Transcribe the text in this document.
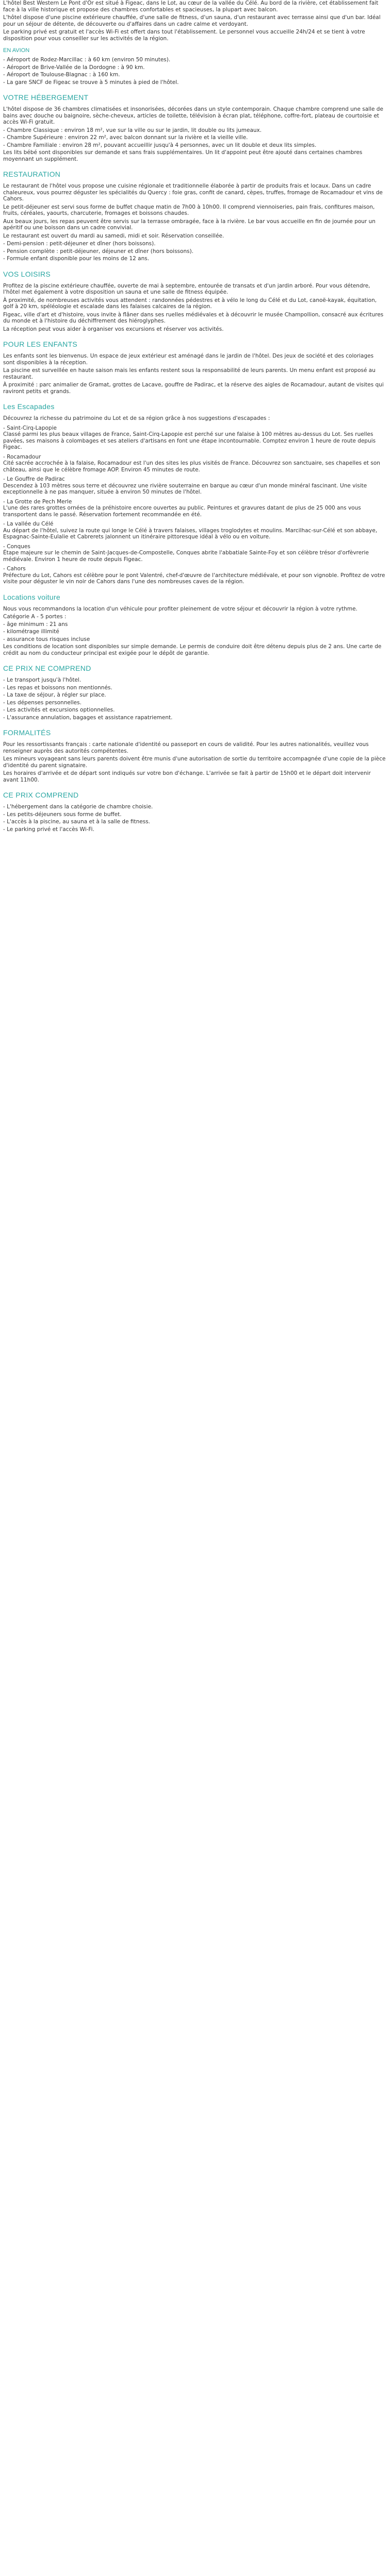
L'hôtel Best Western Le Pont d'Or est situé à Figeac, dans le Lot, au cœur de la vallée du Célé. Au bord de la rivière, cet établissement fait face à la ville historique et propose des chambres confortables et spacieuses, la plupart avec balcon.

L'hôtel dispose d'une piscine extérieure chauffée, d'une salle de fitness, d'un sauna, d'un restaurant avec terrasse ainsi que d'un bar. Idéal pour un séjour de détente, de découverte ou d'affaires dans un cadre calme et verdoyant.

Le parking privé est gratuit et l'accès Wi-Fi est offert dans tout l'établissement. Le personnel vous accueille 24h/24 et se tient à votre disposition pour vous conseiller sur les activités de la région.

EN AVION
- Aéroport de Rodez-Marcillac : à 60 km (environ 50 minutes).
- Aéroport de Brive-Vallée de la Dordogne : à 90 km.
- Aéroport de Toulouse-Blagnac : à 160 km.
- La gare SNCF de Figeac se trouve à 5 minutes à pied de l'hôtel.
VOTRE HÉBERGEMENT

L'hôtel dispose de 36 chambres climatisées et insonorisées, décorées dans un style contemporain. Chaque chambre comprend une salle de bains avec douche ou baignoire, sèche-cheveux, articles de toilette, télévision à écran plat, téléphone, coffre-fort, plateau de courtoisie et accès Wi-Fi gratuit.

- Chambre Classique : environ 18 m², vue sur la ville ou sur le jardin, lit double ou lits jumeaux.
- Chambre Supérieure : environ 22 m², avec balcon donnant sur la rivière et la vieille ville.
- Chambre Familiale : environ 28 m², pouvant accueillir jusqu'à 4 personnes, avec un lit double et deux lits simples.

Les lits bébé sont disponibles sur demande et sans frais supplémentaires. Un lit d'appoint peut être ajouté dans certaines chambres moyennant un supplément.

RESTAURATION

Le restaurant de l'hôtel vous propose une cuisine régionale et traditionnelle élaborée à partir de produits frais et locaux. Dans un cadre chaleureux, vous pourrez déguster les spécialités du Quercy : foie gras, confit de canard, cèpes, truffes, fromage de Rocamadour et vins de Cahors.

Le petit-déjeuner est servi sous forme de buffet chaque matin de 7h00 à 10h00. Il comprend viennoiseries, pain frais, confitures maison, fruits, céréales, yaourts, charcuterie, fromages et boissons chaudes.

Aux beaux jours, les repas peuvent être servis sur la terrasse ombragée, face à la rivière. Le bar vous accueille en fin de journée pour un apéritif ou une boisson dans un cadre convivial.

Le restaurant est ouvert du mardi au samedi, midi et soir. Réservation conseillée.

- Demi-pension : petit-déjeuner et dîner (hors boissons).
- Pension complète : petit-déjeuner, déjeuner et dîner (hors boissons).
- Formule enfant disponible pour les moins de 12 ans.
VOS LOISIRS

Profitez de la piscine extérieure chauffée, ouverte de mai à septembre, entourée de transats et d'un jardin arboré. Pour vous détendre, l'hôtel met également à votre disposition un sauna et une salle de fitness équipée.

À proximité, de nombreuses activités vous attendent : randonnées pédestres et à vélo le long du Célé et du Lot, canoë-kayak, équitation, golf à 20 km, spéléologie et escalade dans les falaises calcaires de la région.

Figeac, ville d'art et d'histoire, vous invite à flâner dans ses ruelles médiévales et à découvrir le musée Champollion, consacré aux écritures du monde et à l'histoire du déchiffrement des hiéroglyphes.

La réception peut vous aider à organiser vos excursions et réserver vos activités.

POUR LES ENFANTS

Les enfants sont les bienvenus. Un espace de jeux extérieur est aménagé dans le jardin de l'hôtel. Des jeux de société et des coloriages sont disponibles à la réception.

La piscine est surveillée en haute saison mais les enfants restent sous la responsabilité de leurs parents. Un menu enfant est proposé au restaurant.

À proximité : parc animalier de Gramat, grottes de Lacave, gouffre de Padirac, et la réserve des aigles de Rocamadour, autant de visites qui raviront petits et grands.

Les Escapades

Découvrez la richesse du patrimoine du Lot et de sa région grâce à nos suggestions d'escapades :

- Saint-Cirq-Lapopie

Classé parmi les plus beaux villages de France, Saint-Cirq-Lapopie est perché sur une falaise à 100 mètres au-dessus du Lot. Ses ruelles pavées, ses maisons à colombages et ses ateliers d'artisans en font une étape incontournable. Comptez environ 1 heure de route depuis Figeac.

- Rocamadour

Cité sacrée accrochée à la falaise, Rocamadour est l'un des sites les plus visités de France. Découvrez son sanctuaire, ses chapelles et son château, ainsi que le célèbre fromage AOP. Environ 45 minutes de route.

- Le Gouffre de Padirac

Descendez à 103 mètres sous terre et découvrez une rivière souterraine en barque au cœur d'un monde minéral fascinant. Une visite exceptionnelle à ne pas manquer, située à environ 50 minutes de l'hôtel.

- La Grotte de Pech Merle

L'une des rares grottes ornées de la préhistoire encore ouvertes au public. Peintures et gravures datant de plus de 25 000 ans vous transportent dans le passé. Réservation fortement recommandée en été.

- La vallée du Célé

Au départ de l'hôtel, suivez la route qui longe le Célé à travers falaises, villages troglodytes et moulins. Marcilhac-sur-Célé et son abbaye, Espagnac-Sainte-Eulalie et Cabrerets jalonnent un itinéraire pittoresque idéal à vélo ou en voiture.

- Conques

Étape majeure sur le chemin de Saint-Jacques-de-Compostelle, Conques abrite l'abbatiale Sainte-Foy et son célèbre trésor d'orfèvrerie médiévale. Environ 1 heure de route depuis Figeac.

- Cahors

Préfecture du Lot, Cahors est célèbre pour le pont Valentré, chef-d'œuvre de l'architecture médiévale, et pour son vignoble. Profitez de votre visite pour déguster le vin noir de Cahors dans l'une des nombreuses caves de la région.

Locations voiture

Nous vous recommandons la location d'un véhicule pour profiter pleinement de votre séjour et découvrir la région à votre rythme.

Catégorie A - 5 portes :
- âge minimum : 21 ans
- kilométrage illimité
- assurance tous risques incluse

Les conditions de location sont disponibles sur simple demande. Le permis de conduire doit être détenu depuis plus de 2 ans. Une carte de crédit au nom du conducteur principal est exigée pour le dépôt de garantie.

CE PRIX NE COMPREND
- Le transport jusqu'à l'hôtel.
- Les repas et boissons non mentionnés.
- La taxe de séjour, à régler sur place.
- Les dépenses personnelles.
- Les activités et excursions optionnelles.
- L'assurance annulation, bagages et assistance rapatriement.
FORMALITÉS

Pour les ressortissants français : carte nationale d'identité ou passeport en cours de validité. Pour les autres nationalités, veuillez vous renseigner auprès des autorités compétentes.

Les mineurs voyageant sans leurs parents doivent être munis d'une autorisation de sortie du territoire accompagnée d'une copie de la pièce d'identité du parent signataire.

Les horaires d'arrivée et de départ sont indiqués sur votre bon d'échange. L'arrivée se fait à partir de 15h00 et le départ doit intervenir avant 11h00.

CE PRIX COMPREND
- L'hébergement dans la catégorie de chambre choisie.
- Les petits-déjeuners sous forme de buffet.
- L'accès à la piscine, au sauna et à la salle de fitness.
- Le parking privé et l'accès Wi-Fi.
